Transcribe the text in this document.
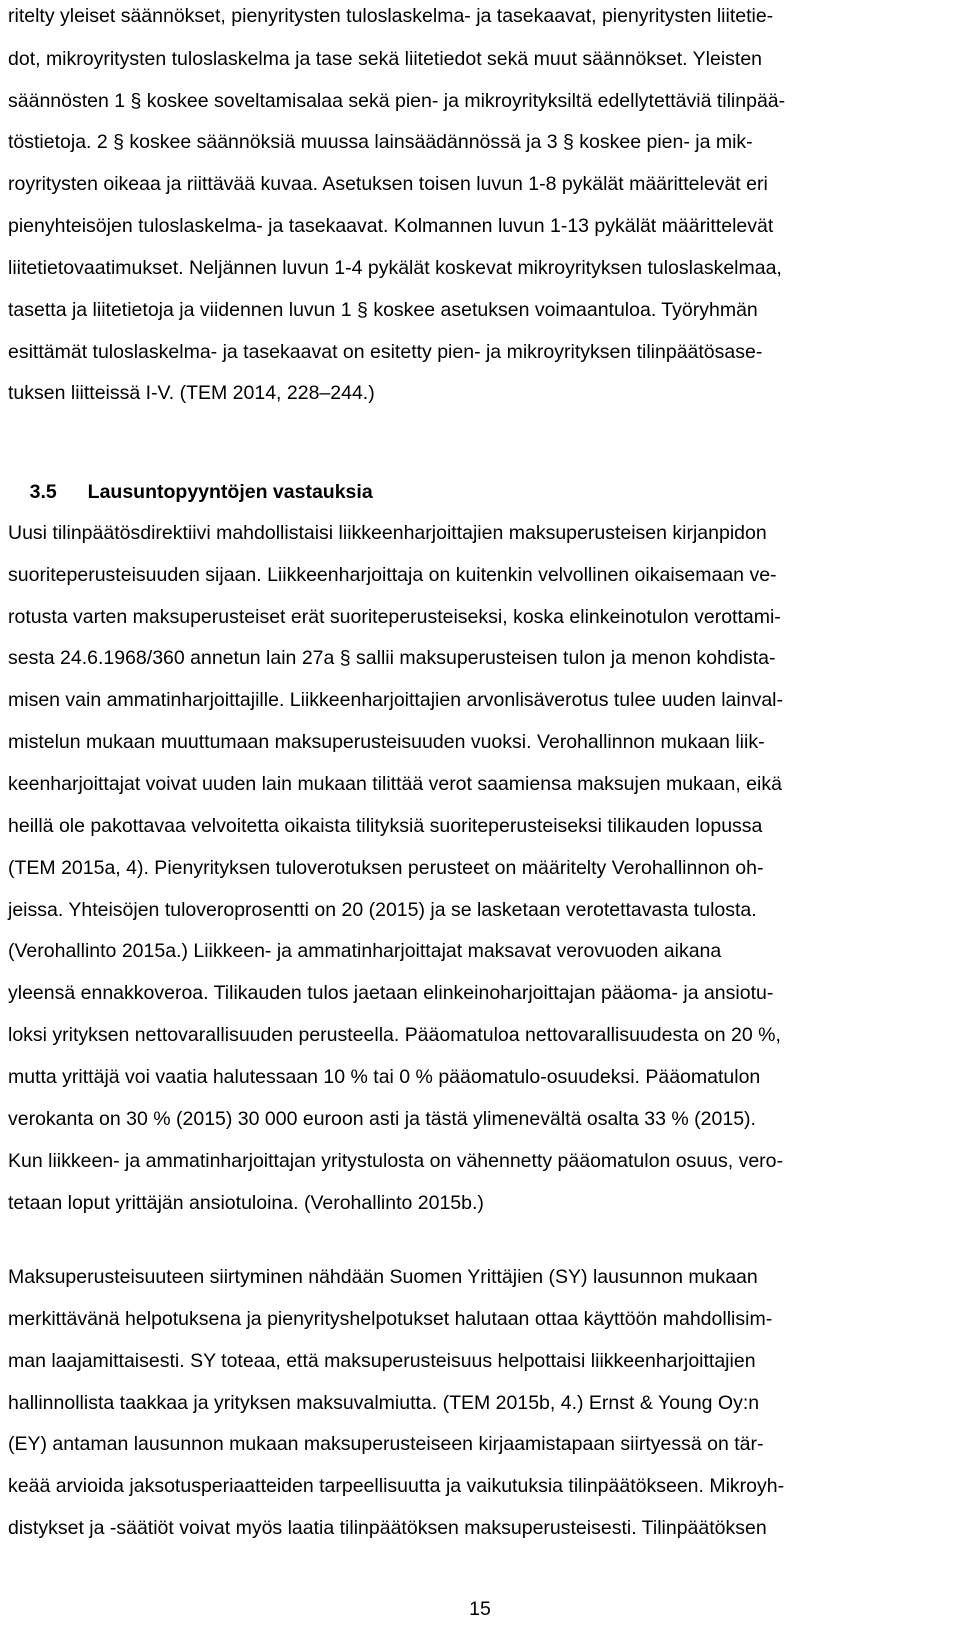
ritelty yleiset säännökset, pienyritysten tuloslaskelma- ja tasekaavat, pienyritysten liitetie-
dot, mikroyritysten tuloslaskelma ja tase sekä liitetiedot sekä muut säännökset. Yleisten
säännösten 1 § koskee soveltamisalaa sekä pien- ja mikroyrityksiltä edellytettäviä tilinpää-
töstietoja. 2 § koskee säännöksiä muussa lainsäädännössä ja 3 § koskee pien- ja mik-
royritysten oikeaa ja riittävää kuvaa. Asetuksen toisen luvun 1-8 pykälät määrittelevät eri
pienyhteisöjen tuloslaskelma- ja tasekaavat. Kolmannen luvun 1-13 pykälät määrittelevät
liitetietovaatimukset. Neljännen luvun 1-4 pykälät koskevat mikroyrityksen tuloslaskelmaa,
tasetta ja liitetietoja ja viidennen luvun 1 § koskee asetuksen voimaantuloa. Työryhmän
esittämät tuloslaskelma- ja tasekaavat on esitetty pien- ja mikroyrityksen tilinpäätösase-
tuksen liitteissä I-V. (TEM 2014, 228–244.)

3.5 Lausuntopyyntöjen vastauksia

Uusi tilinpäätösdirektiivi mahdollistaisi liikkeenharjoittajien maksuperusteisen kirjanpidon
suoriteperusteisuuden sijaan. Liikkeenharjoittaja on kuitenkin velvollinen oikaisemaan ve-
rotusta varten maksuperusteiset erät suoriteperusteiseksi, koska elinkeinotulon verottami-
sesta 24.6.1968/360 annetun lain 27a § sallii maksuperusteisen tulon ja menon kohdista-
misen vain ammatinharjoittajille. Liikkeenharjoittajien arvonlisäverotus tulee uuden lainval-
mistelun mukaan muuttumaan maksuperusteisuuden vuoksi. Verohallinnon mukaan liik-
keenharjoittajat voivat uuden lain mukaan tilittää verot saamiensa maksujen mukaan, eikä
heillä ole pakottavaa velvoitetta oikaista tilityksiä suoriteperusteiseksi tilikauden lopussa
(TEM 2015a, 4). Pienyrityksen tuloverotuksen perusteet on määritelty Verohallinnon oh-
jeissa. Yhteisöjen tuloveroprosentti on 20 (2015) ja se lasketaan verotettavasta tulosta.
(Verohallinto 2015a.) Liikkeen- ja ammatinharjoittajat maksavat verovuoden aikana
yleensä ennakkoveroa. Tilikauden tulos jaetaan elinkeinoharjoittajan pääoma- ja ansiotu-
loksi yrityksen nettovarallisuuden perusteella. Pääomatuloa nettovarallisuudesta on 20 %,
mutta yrittäjä voi vaatia halutessaan 10 % tai 0 % pääomatulo-osuudeksi. Pääomatulon
verokanta on 30 % (2015) 30 000 euroon asti ja tästä ylimenevältä osalta 33 % (2015).
Kun liikkeen- ja ammatinharjoittajan yritystulosta on vähennetty pääomatulon osuus, vero-
tetaan loput yrittäjän ansiotuloina. (Verohallinto 2015b.)
Maksuperusteisuuteen siirtyminen nähdään Suomen Yrittäjien (SY) lausunnon mukaan
merkittävänä helpotuksena ja pienyrityshelpotukset halutaan ottaa käyttöön mahdollisim-
man laajamittaisesti. SY toteaa, että maksuperusteisuus helpottaisi liikkeenharjoittajien
hallinnollista taakkaa ja yrityksen maksuvalmiutta. (TEM 2015b, 4.) Ernst & Young Oy:n
(EY) antaman lausunnon mukaan maksuperusteiseen kirjaamistapaan siirtyessä on tär-
keää arvioida jaksotusperiaatteiden tarpeellisuutta ja vaikutuksia tilinpäätökseen. Mikroyh-
distykset ja -säätiöt voivat myös laatia tilinpäätöksen maksuperusteisesti. Tilinpäätöksen
15
